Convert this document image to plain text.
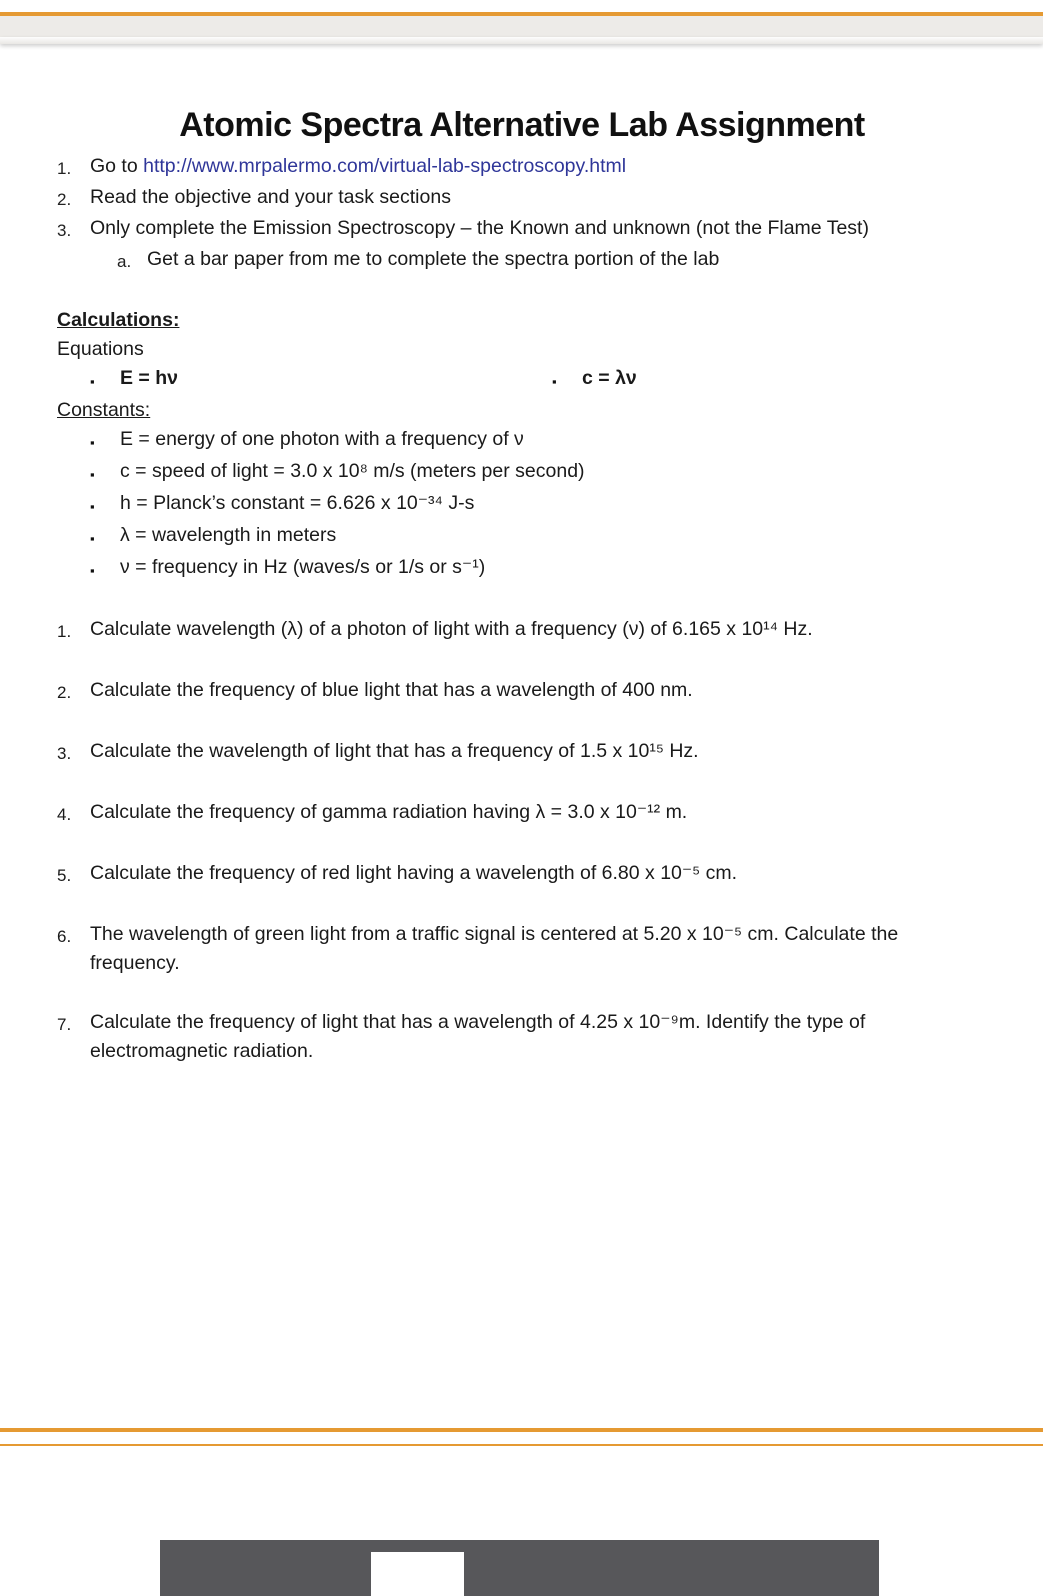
Atomic Spectra Alternative Lab Assignment
1. Go to http://www.mrpalermo.com/virtual-lab-spectroscopy.html
2. Read the objective and your task sections
3. Only complete the Emission Spectroscopy – the Known and unknown (not the Flame Test)
a. Get a bar paper from me to complete the spectra portion of the lab
Calculations:
Equations
▪	E = hν	▪	c = λν
Constants:
▪	E = energy of one photon with a frequency of ν
▪	c = speed of light = 3.0 x 10⁸ m/s (meters per second)
▪	h = Planck’s constant = 6.626 x 10⁻³⁴ J-s
▪	λ = wavelength in meters
▪	ν = frequency in Hz (waves/s or 1/s or s⁻¹)
1. Calculate wavelength (λ) of a photon of light with a frequency (ν) of 6.165 x 10¹⁴ Hz.
2. Calculate the frequency of blue light that has a wavelength of 400 nm.
3. Calculate the wavelength of light that has a frequency of 1.5 x 10¹⁵ Hz.
4. Calculate the frequency of gamma radiation having λ = 3.0 x 10⁻¹² m.
5. Calculate the frequency of red light having a wavelength of 6.80 x 10⁻⁵ cm.
6. The wavelength of green light from a traffic signal is centered at 5.20 x 10⁻⁵ cm. Calculate the frequency.
7. Calculate the frequency of light that has a wavelength of 4.25 x 10⁻⁹m. Identify the type of electromagnetic radiation.
